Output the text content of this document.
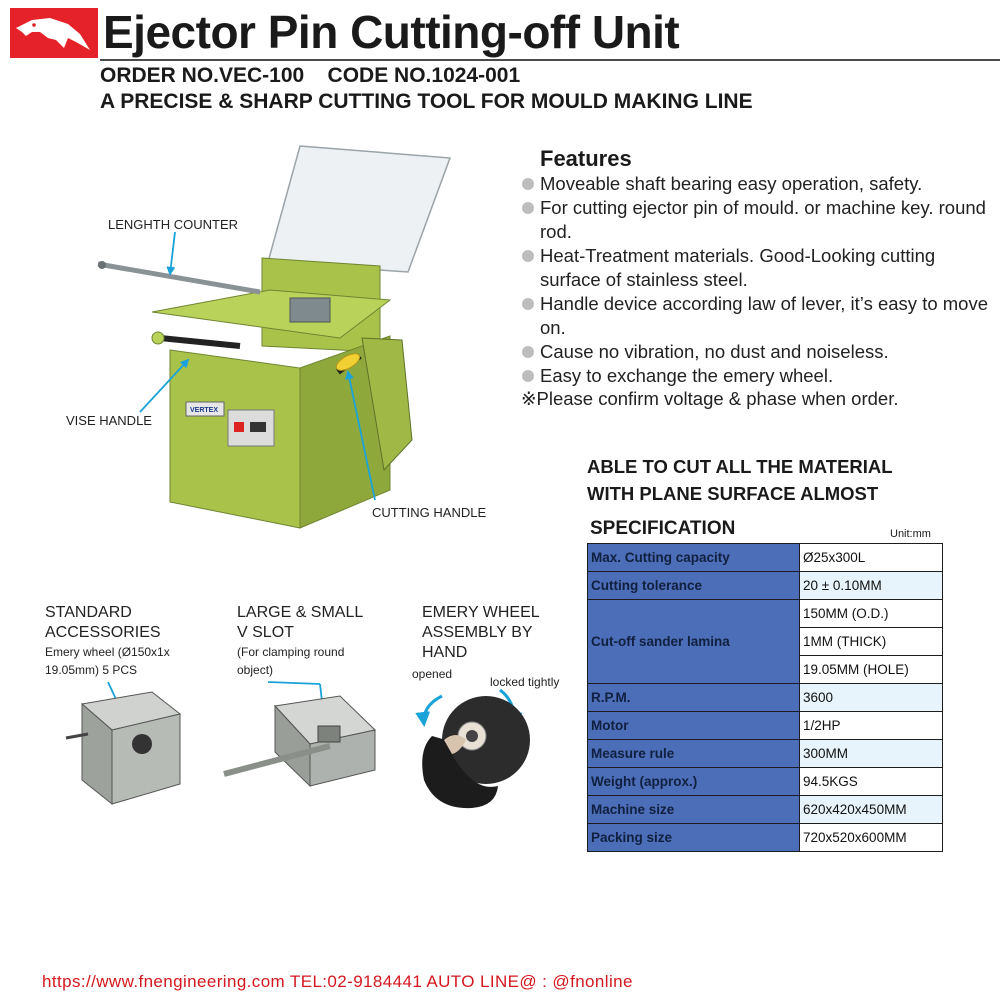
Ejector Pin Cutting-off Unit
ORDER NO.VEC-100    CODE NO.1024-001
A PRECISE & SHARP CUTTING TOOL FOR MOULD MAKING LINE
VERTEX
LENGHTH COUNTER
VISE HANDLE
CUTTING HANDLE
Features
Moveable shaft bearing easy operation, safety.
For cutting ejector pin of mould. or machine key. round rod.
Heat-Treatment materials. Good-Looking cutting surface of stainless steel.
Handle device according law of lever, it’s easy to move on.
Cause no vibration, no dust and noiseless.
Easy to exchange the emery wheel.
※Please confirm voltage & phase when order.
ABLE TO CUT ALL THE MATERIAL
WITH PLANE SURFACE ALMOST
SPECIFICATION	Unit:mm
Max. Cutting capacity	Ø25x300L
Cutting tolerance	20 ± 0.10MM
Cut-off sander lamina	150MM (O.D.)
	1MM (THICK)
	19.05MM (HOLE)
R.P.M.	3600
Motor	1/2HP
Measure rule	300MM
Weight (approx.)	94.5KGS
Machine size	620x420x450MM
Packing size	720x520x600MM
STANDARD
ACCESSORIES
Emery wheel (Ø150x1x
19.05mm) 5 PCS
LARGE & SMALL
V SLOT
(For clamping round
object)
EMERY WHEEL
ASSEMBLY BY
HAND
opened
locked tightly
https://www.fnengineering.com TEL:02-9184441 AUTO LINE@ : @fnonline
